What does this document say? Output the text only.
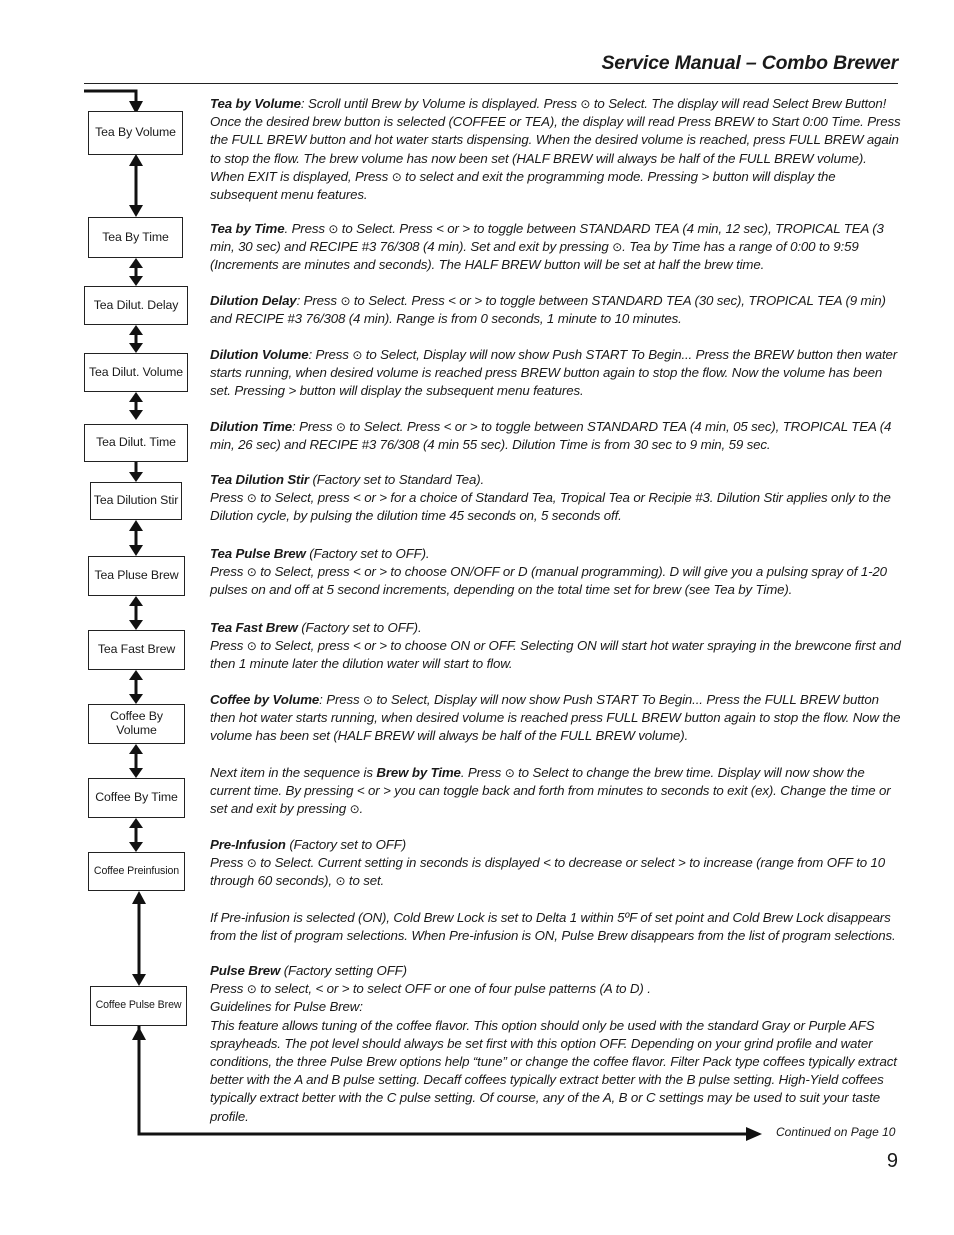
Service Manual – Combo Brewer
Tea By Volume
Tea By Time
Tea Dilut. Delay
Tea Dilut. Volume
Tea Dilut. Time
Tea Dilution Stir
Tea Pluse Brew
Tea Fast Brew
Coffee By Volume
Coffee By Time
Coffee Preinfusion
Coffee Pulse Brew

Tea by Volume: Scroll until Brew by Volume is displayed. Press ⊙ to Select. The display will read Select Brew Button! Once the desired brew button is selected (COFFEE or TEA), the display will read Press BREW to Start 0:00 Time. Press the FULL BREW button and hot water starts dispensing. When the desired volume is reached, press FULL BREW again to stop the flow. The brew volume has now been set (HALF BREW will always be half of the FULL BREW volume). When EXIT is displayed, Press ⊙ to select and exit the programming mode. Pressing > button will display the subsequent menu features.

Tea by Time. Press ⊙ to Select. Press < or > to toggle between STANDARD TEA (4 min, 12 sec), TROPICAL TEA (3 min, 30 sec) and RECIPE #3 76/308 (4 min). Set and exit by pressing ⊙. Tea by Time has a range of 0:00 to 9:59 (Increments are minutes and seconds). The HALF BREW button will be set at half the brew time.

Dilution Delay: Press ⊙ to Select. Press < or > to toggle between STANDARD TEA (30 sec), TROPICAL TEA (9 min) and RECIPE #3 76/308 (4 min). Range is from 0 seconds, 1 minute to 10 minutes.

Dilution Volume: Press ⊙ to Select, Display will now show Push START To Begin... Press the BREW button then water starts running, when desired volume is reached press BREW button again to stop the flow. Now the volume has been set. Pressing > button will display the subsequent menu features.

Dilution Time: Press ⊙ to Select. Press < or > to toggle between STANDARD TEA (4 min, 05 sec), TROPICAL TEA (4 min, 26 sec) and RECIPE #3 76/308 (4 min 55 sec). Dilution Time is from 30 sec to 9 min, 59 sec.

Tea Dilution Stir (Factory set to Standard Tea).

Press ⊙ to Select, press < or > for a choice of Standard Tea, Tropical Tea or Recipie #3. Dilution Stir applies only to the Dilution cycle, by pulsing the dilution time 45 seconds on, 5 seconds off.

Tea Pulse Brew (Factory set to OFF).

Press ⊙ to Select, press < or > to choose ON/OFF or D (manual programming). D will give you a pulsing spray of 1-20 pulses on and off at 5 second increments, depending on the total time set for brew (see Tea by Time).

Tea Fast Brew (Factory set to OFF).

Press ⊙ to Select, press < or > to choose ON or OFF. Selecting ON will start hot water spraying in the brewcone first and then 1 minute later the dilution water will start to flow.

Coffee by Volume: Press ⊙ to Select, Display will now show Push START To Begin... Press the FULL BREW button then hot water starts running, when desired volume is reached press FULL BREW button again to stop the flow. Now the volume has been set (HALF BREW will always be half of the FULL BREW volume).

Next item in the sequence is Brew by Time. Press ⊙ to Select to change the brew time. Display will now show the current time. By pressing < or > you can toggle back and forth from minutes to seconds to exit (ex). Change the time or set and exit by pressing ⊙.

Pre-Infusion (Factory set to OFF)

Press ⊙ to Select. Current setting in seconds is displayed < to decrease or select > to increase (range from OFF to 10 through 60 seconds), ⊙ to set.

If Pre-infusion is selected (ON), Cold Brew Lock is set to Delta 1 within 5ºF of set point and Cold Brew Lock disappears from the list of program selections. When Pre-infusion is ON, Pulse Brew disappears from the list of program selections.

Pulse Brew (Factory setting OFF)

Press ⊙ to select, < or > to select OFF or one of four pulse patterns (A to D) .

Guidelines for Pulse Brew:

This feature allows tuning of the coffee flavor. This option should only be used with the standard Gray or Purple AFS sprayheads. The pot level should always be set first with this option OFF. Depending on your grind profile and water conditions, the three Pulse Brew options help “tune” or change the coffee flavor. Filter Pack type coffees typically extract better with the A and B pulse setting. Decaff coffees typically extract better with the B pulse setting. High-Yield coffees typically extract better with the C pulse setting. Of course, any of the A, B or C settings may be used to suit your taste profile.

Continued on Page 10
9
